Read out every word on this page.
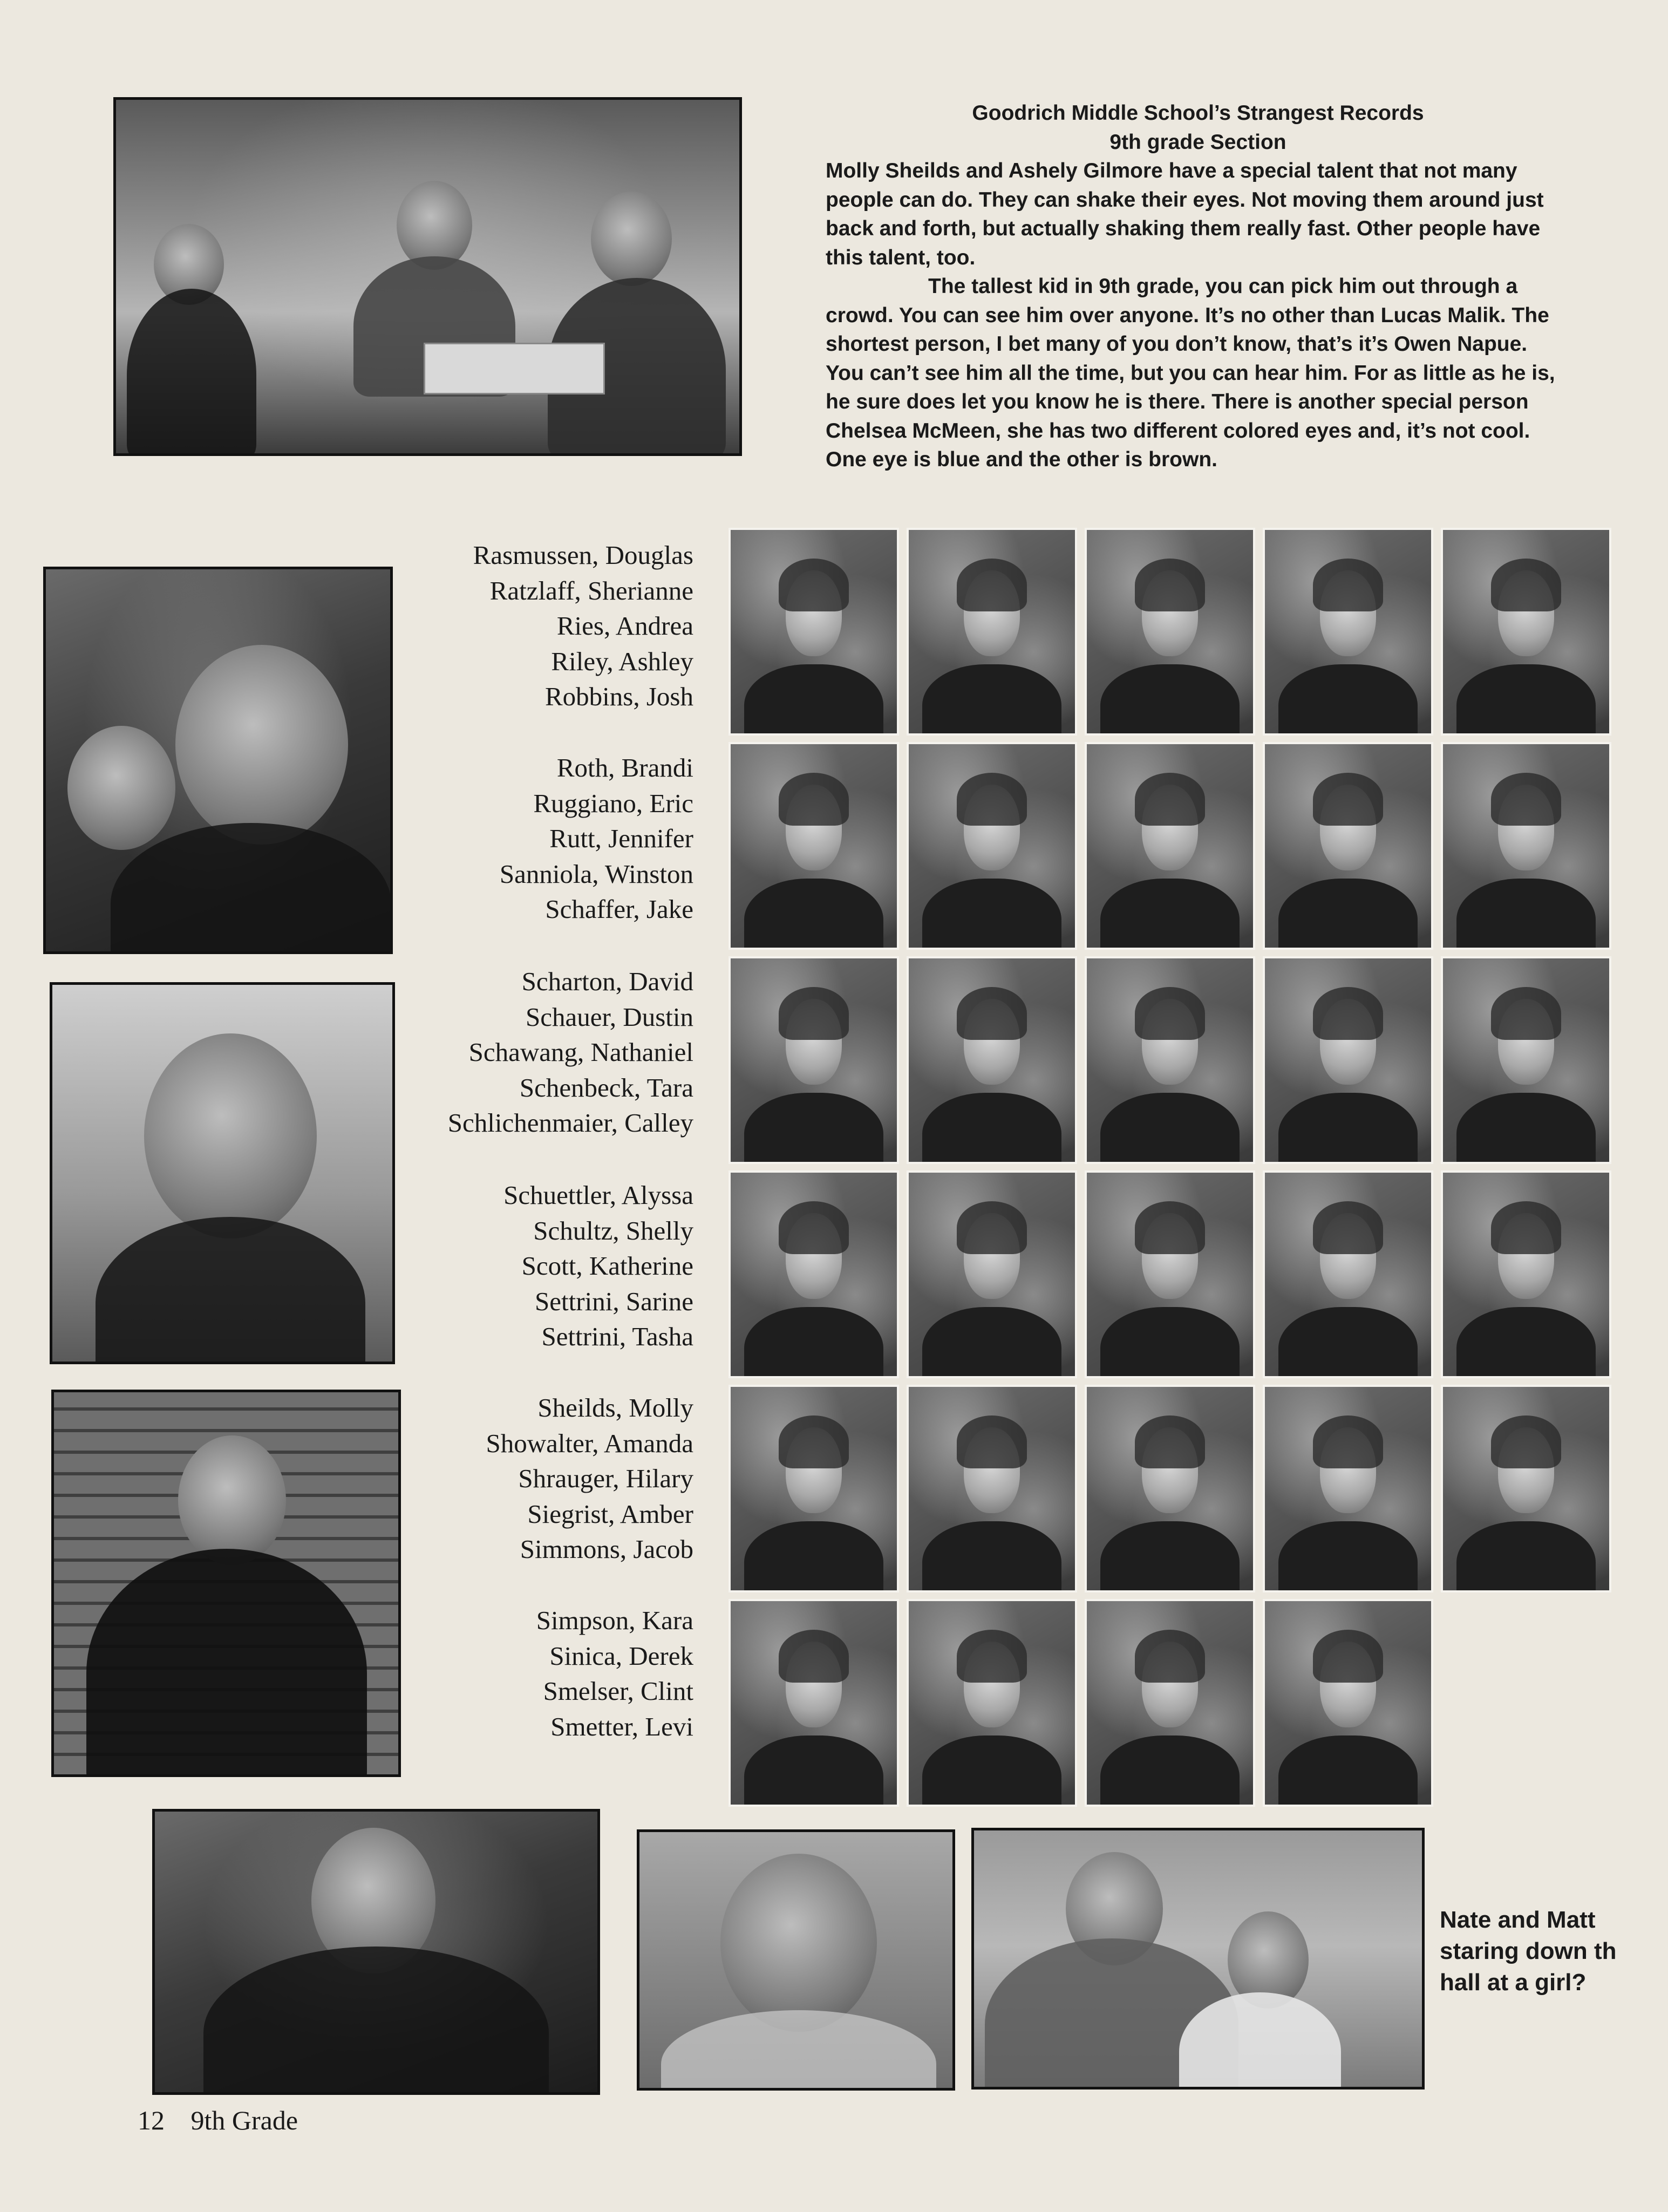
Goodrich Middle School’s Strangest Records
9th grade Section

Molly Sheilds and Ashely Gilmore have a special talent that not many people can do. They can shake their eyes. Not moving them around just back and forth, but actually shaking them really fast. Other people have this talent, too.

The tallest kid in 9th grade, you can pick him out through a crowd. You can see him over anyone. It’s no other than Lucas Malik. The shortest person, I bet many of you don’t know, that’s it’s Owen Napue. You can’t see him all the time, but you can hear him. For as little as he is, he sure does let you know he is there. There is another special person Chelsea McMeen, she has two different colored eyes and, it’s not cool. One eye is blue and the other is brown.

Rasmussen, Douglas
Ratzlaff, Sherianne
Ries, Andrea
Riley, Ashley
Robbins, Josh
Roth, Brandi
Ruggiano, Eric
Rutt, Jennifer
Sanniola, Winston
Schaffer, Jake
Scharton, David
Schauer, Dustin
Schawang, Nathaniel
Schenbeck, Tara
Schlichenmaier, Calley
Schuettler, Alyssa
Schultz, Shelly
Scott, Katherine
Settrini, Sarine
Settrini, Tasha
Sheilds, Molly
Showalter, Amanda
Shrauger, Hilary
Siegrist, Amber
Simmons, Jacob
Simpson, Kara
Sinica, Derek
Smelser, Clint
Smetter, Levi
Nate and Matt
staring down th
hall at a girl?
12 9th Grade
